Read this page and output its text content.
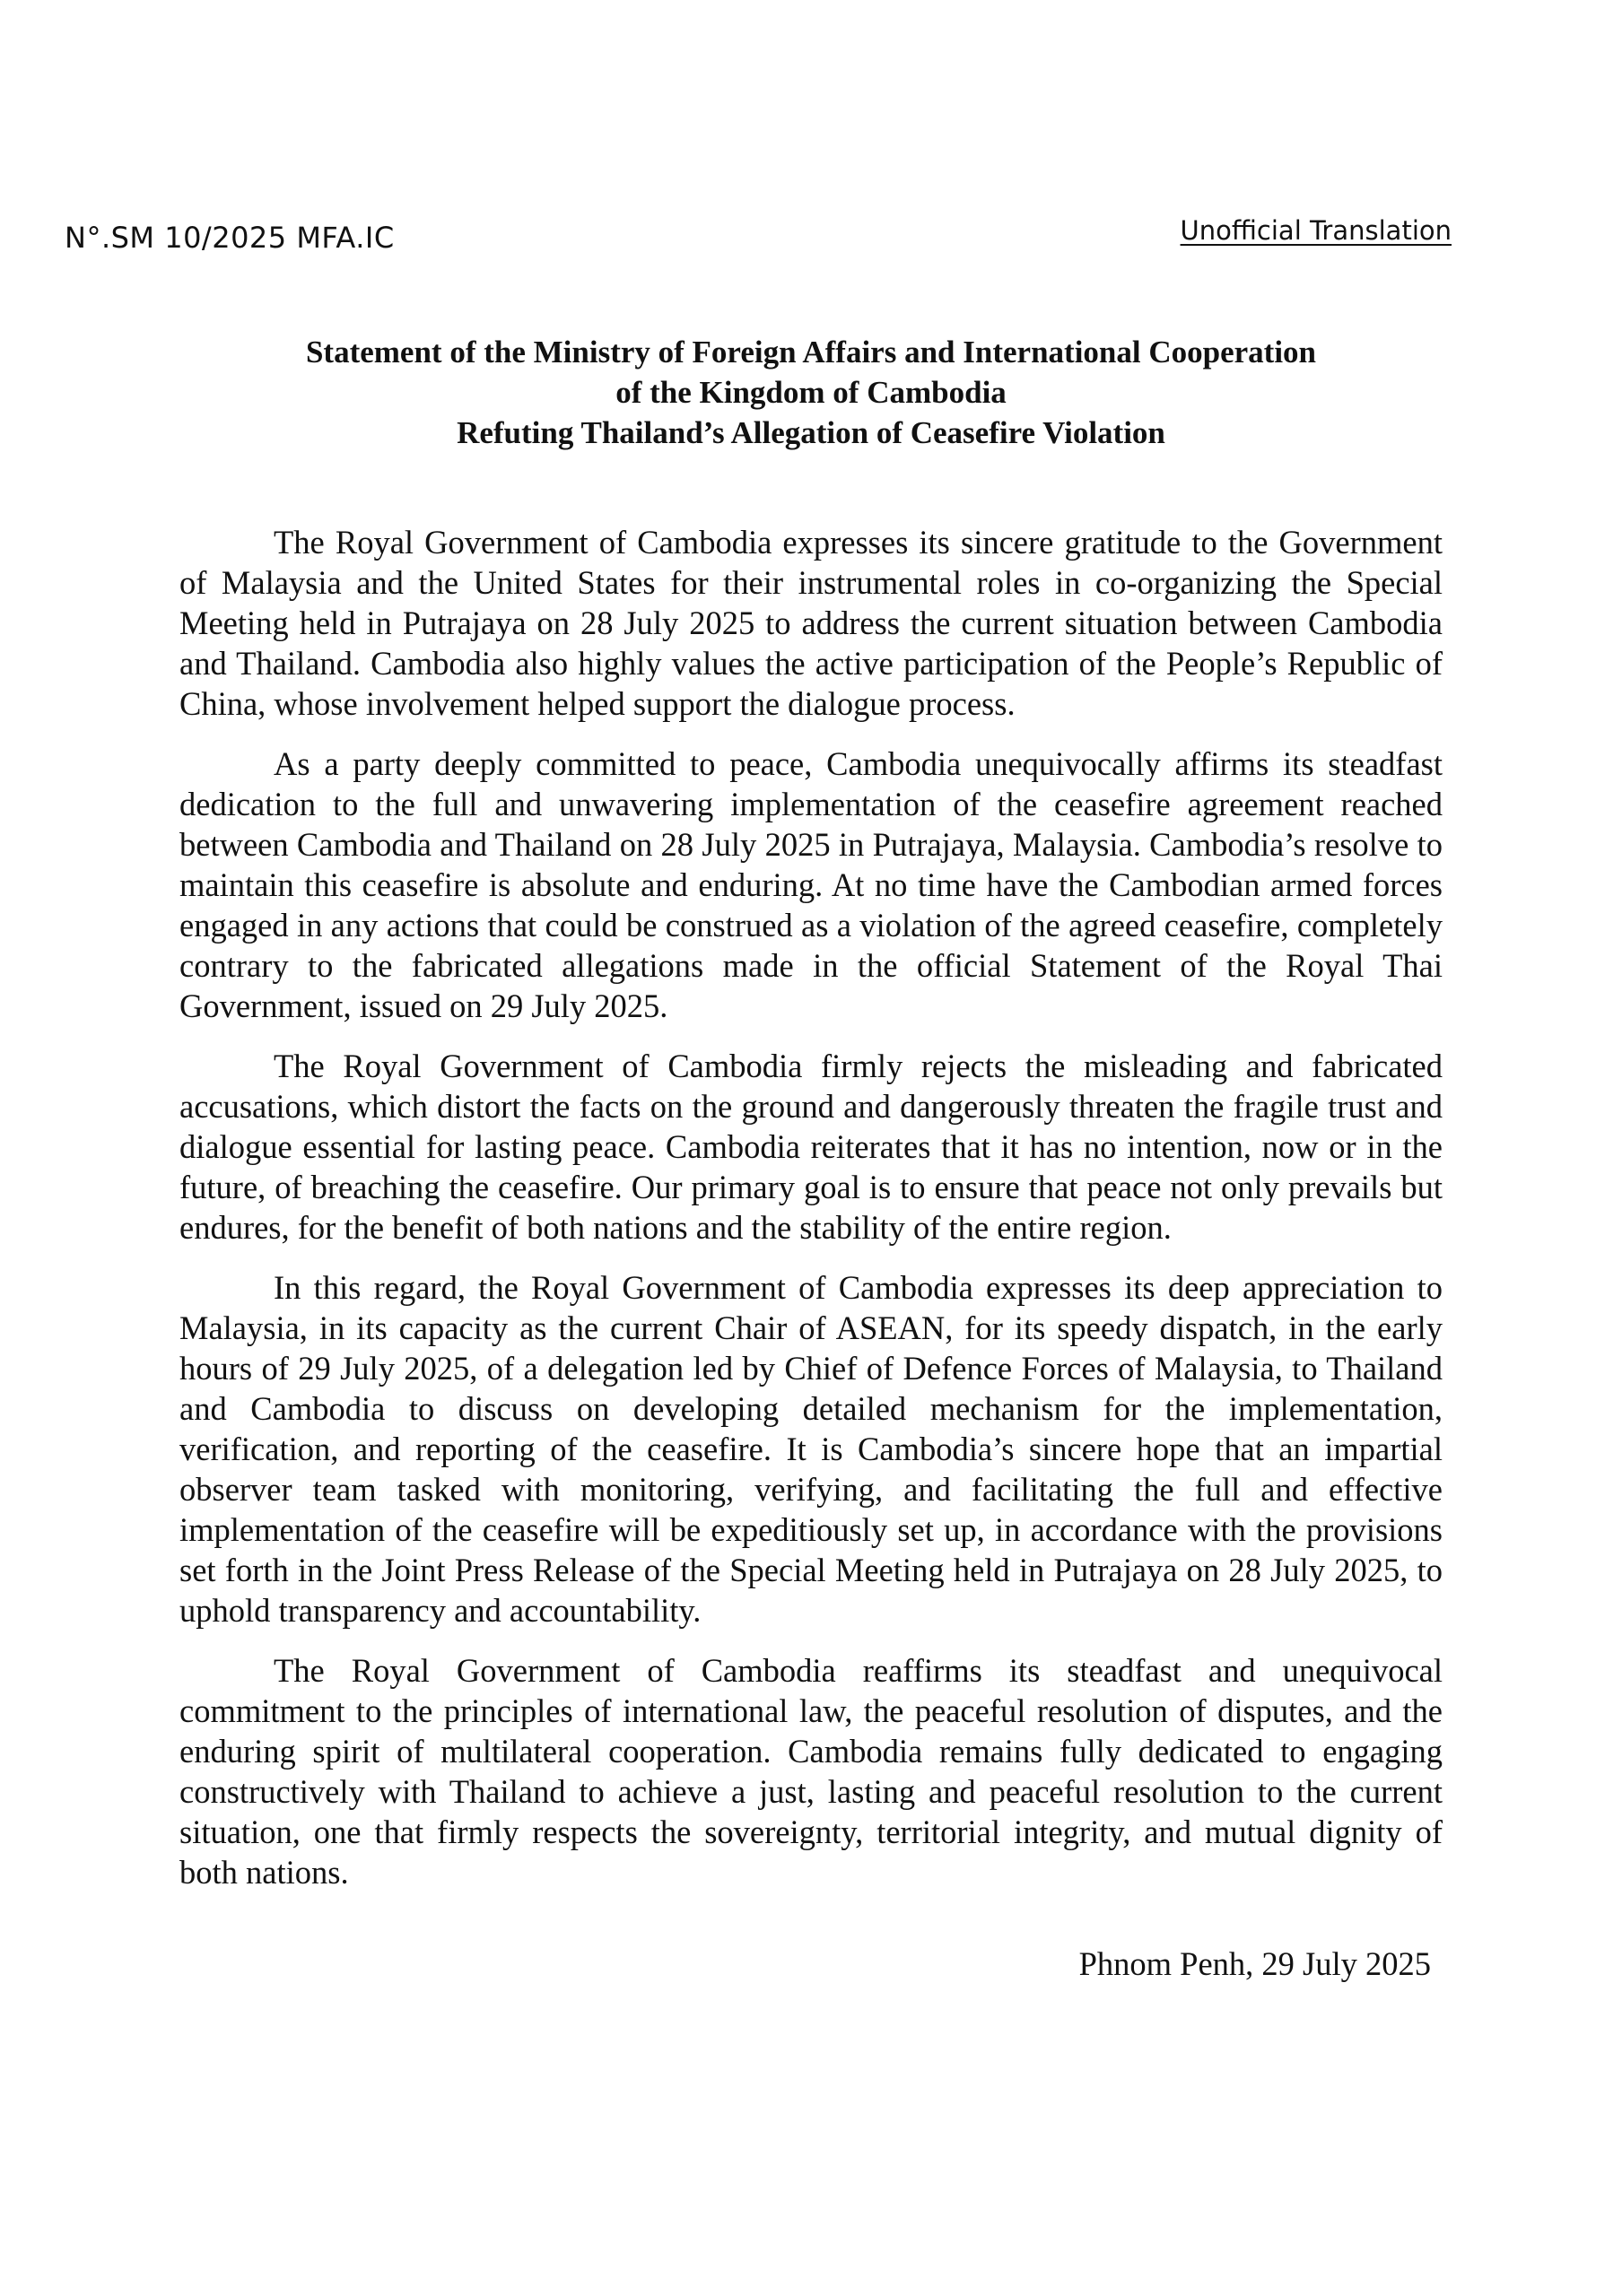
N°.SM 10/2025 MFA.IC	Unofficial Translation
Statement of the Ministry of Foreign Affairs and International Cooperation
of the Kingdom of Cambodia
Refuting Thailand’s Allegation of Ceasefire Violation

The Royal Government of Cambodia expresses its sincere gratitude to the Government of Malaysia and the United States for their instrumental roles in co-organizing the Special Meeting held in Putrajaya on 28 July 2025 to address the current situation between Cambodia and Thailand. Cambodia also highly values the active participation of the People’s Republic of China, whose involvement helped support the dialogue process.

As a party deeply committed to peace, Cambodia unequivocally affirms its steadfast dedication to the full and unwavering implementation of the ceasefire agreement reached between Cambodia and Thailand on 28 July 2025 in Putrajaya, Malaysia. Cambodia’s resolve to maintain this ceasefire is absolute and enduring. At no time have the Cambodian armed forces engaged in any actions that could be construed as a violation of the agreed ceasefire, completely contrary to the fabricated allegations made in the official Statement of the Royal Thai Government, issued on 29 July 2025.

The Royal Government of Cambodia firmly rejects the misleading and fabricated accusations, which distort the facts on the ground and dangerously threaten the fragile trust and dialogue essential for lasting peace. Cambodia reiterates that it has no intention, now or in the future, of breaching the ceasefire. Our primary goal is to ensure that peace not only prevails but endures, for the benefit of both nations and the stability of the entire region.

In this regard, the Royal Government of Cambodia expresses its deep appreciation to Malaysia, in its capacity as the current Chair of ASEAN, for its speedy dispatch, in the early hours of 29 July 2025, of a delegation led by Chief of Defence Forces of Malaysia, to Thailand and Cambodia to discuss on developing detailed mechanism for the implementation, verification, and reporting of the ceasefire. It is Cambodia’s sincere hope that an impartial observer team tasked with monitoring, verifying, and facilitating the full and effective implementation of the ceasefire will be expeditiously set up, in accordance with the provisions set forth in the Joint Press Release of the Special Meeting held in Putrajaya on 28 July 2025, to uphold transparency and accountability.

The Royal Government of Cambodia reaffirms its steadfast and unequivocal commitment to the principles of international law, the peaceful resolution of disputes, and the enduring spirit of multilateral cooperation. Cambodia remains fully dedicated to engaging constructively with Thailand to achieve a just, lasting and peaceful resolution to the current situation, one that firmly respects the sovereignty, territorial integrity, and mutual dignity of both nations.

Phnom Penh, 29 July 2025
